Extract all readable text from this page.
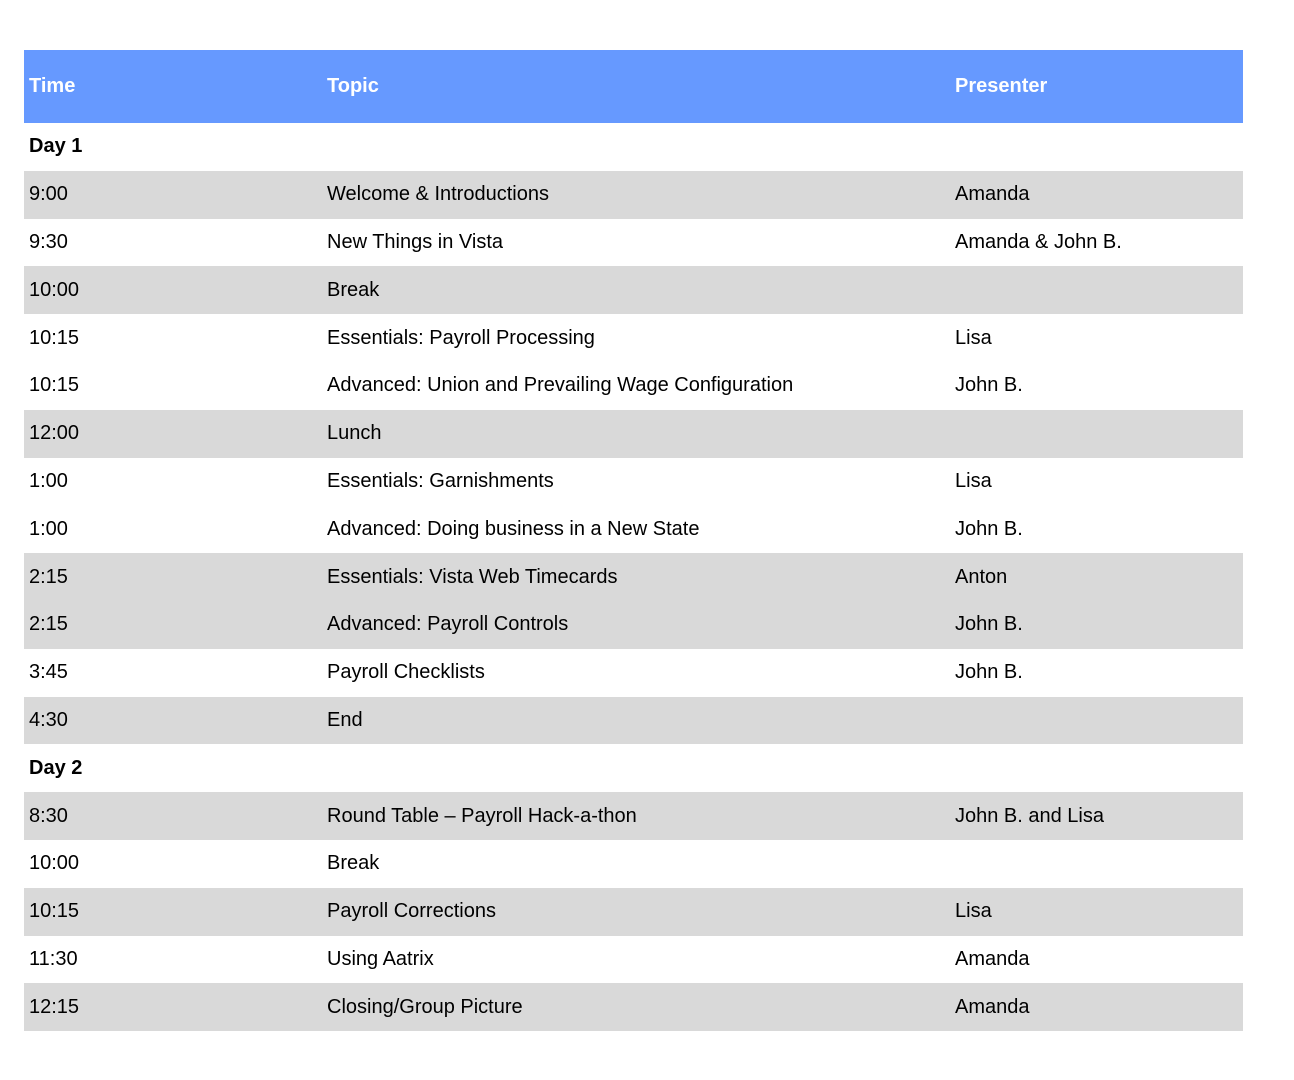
Time	Topic	Presenter
Day 1
9:00	Welcome & Introductions	Amanda
9:30	New Things in Vista	Amanda & John B.
10:00	Break
10:15	Essentials: Payroll Processing	Lisa
10:15	Advanced: Union and Prevailing Wage Configuration	John B.
12:00	Lunch
1:00	Essentials: Garnishments	Lisa
1:00	Advanced: Doing business in a New State	John B.
2:15	Essentials: Vista Web Timecards	Anton
2:15	Advanced: Payroll Controls	John B.
3:45	Payroll Checklists	John B.
4:30	End
Day 2
8:30	Round Table – Payroll Hack-a-thon	John B. and Lisa
10:00	Break
10:15	Payroll Corrections	Lisa
11:30	Using Aatrix	Amanda
12:15	Closing/Group Picture	Amanda
